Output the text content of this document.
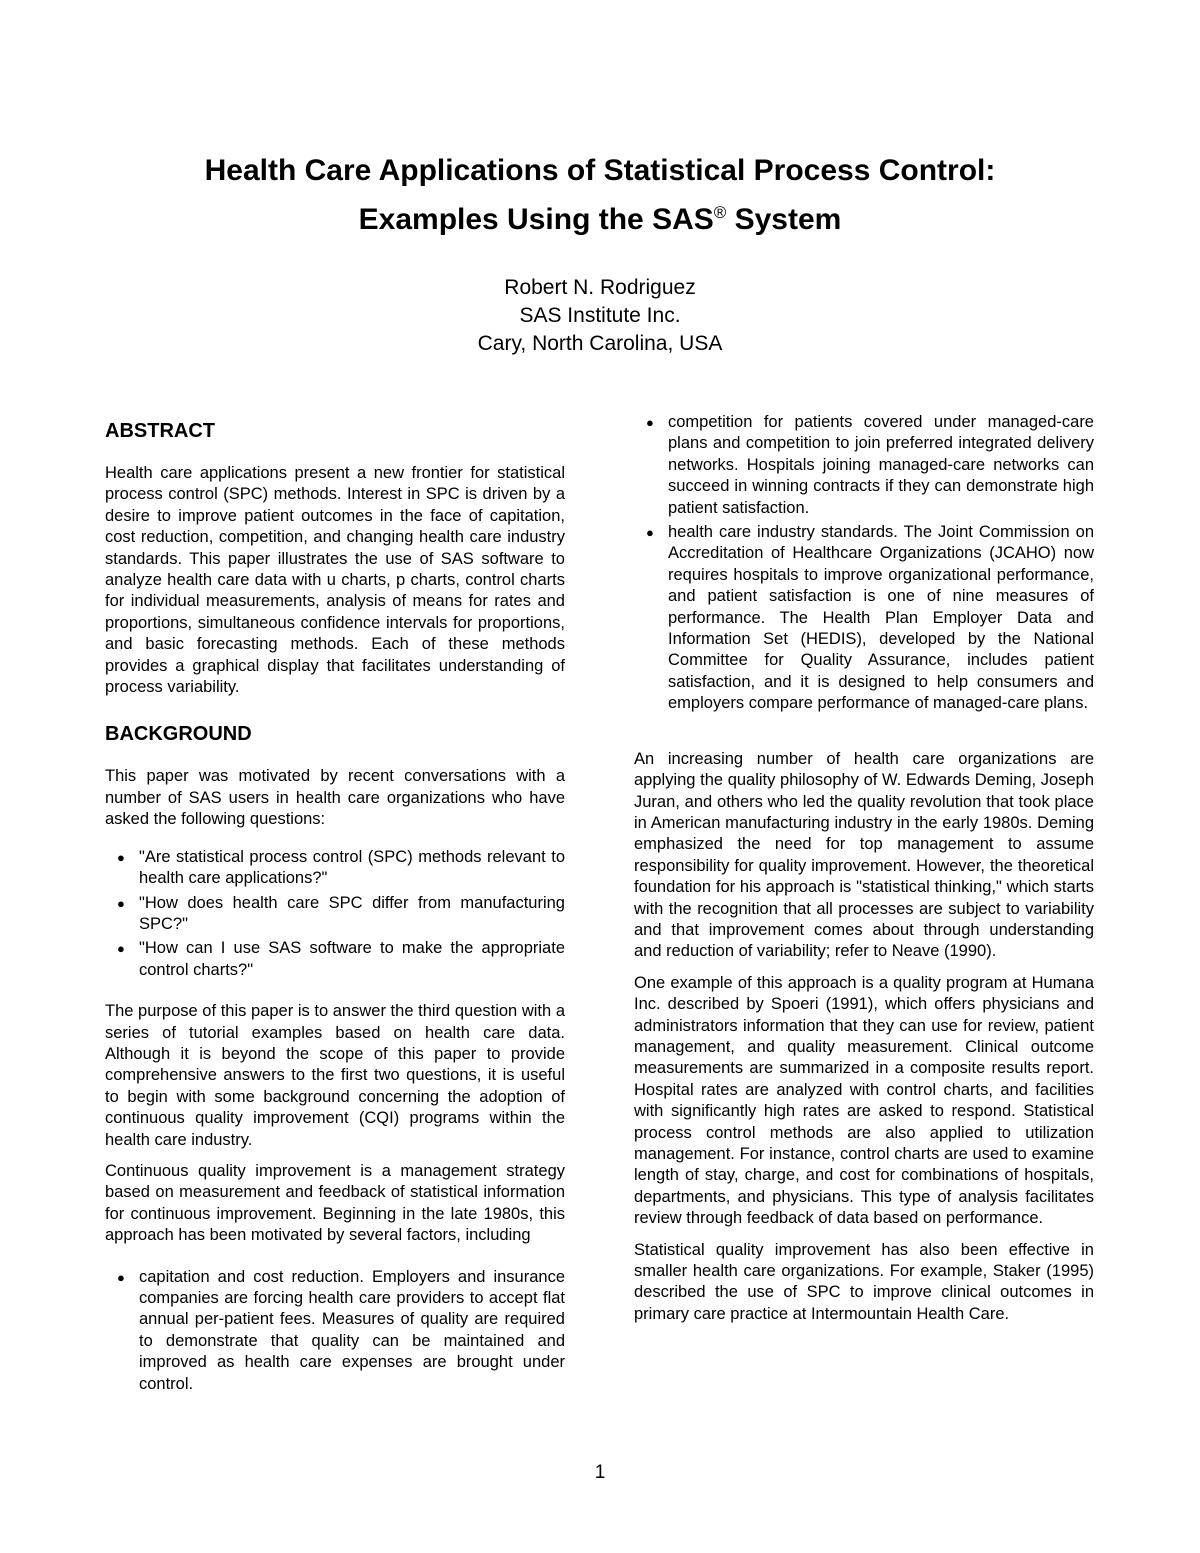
Health Care Applications of Statistical Process Control:
Examples Using the SAS® System
Robert N. Rodriguez
SAS Institute Inc.
Cary, North Carolina, USA
ABSTRACT

Health care applications present a new frontier for statistical process control (SPC) methods. Interest in SPC is driven by a desire to improve patient outcomes in the face of capitation, cost reduction, competition, and changing health care industry standards. This paper illustrates the use of SAS software to analyze health care data with u charts, p charts, control charts for individual measurements, analysis of means for rates and proportions, simultaneous confidence intervals for proportions, and basic forecasting methods. Each of these methods provides a graphical display that facilitates understanding of process variability.

BACKGROUND

This paper was motivated by recent conversations with a number of SAS users in health care organizations who have asked the following questions:

● "Are statistical process control (SPC) methods relevant to health care applications?"
● "How does health care SPC differ from manufacturing SPC?"
● "How can I use SAS software to make the appropriate control charts?"

The purpose of this paper is to answer the third question with a series of tutorial examples based on health care data. Although it is beyond the scope of this paper to provide comprehensive answers to the first two questions, it is useful to begin with some background concerning the adoption of continuous quality improvement (CQI) programs within the health care industry.

Continuous quality improvement is a management strategy based on measurement and feedback of statistical information for continuous improvement. Beginning in the late 1980s, this approach has been motivated by several factors, including

● capitation and cost reduction. Employers and insurance companies are forcing health care providers to accept flat annual per-patient fees. Measures of quality are required to demonstrate that quality can be maintained and improved as health care expenses are brought under control.
● competition for patients covered under managed-care plans and competition to join preferred integrated delivery networks. Hospitals joining managed-care networks can succeed in winning contracts if they can demonstrate high patient satisfaction.
● health care industry standards. The Joint Commission on Accreditation of Healthcare Organizations (JCAHO) now requires hospitals to improve organizational performance, and patient satisfaction is one of nine measures of performance. The Health Plan Employer Data and Information Set (HEDIS), developed by the National Committee for Quality Assurance, includes patient satisfaction, and it is designed to help consumers and employers compare performance of managed-care plans.

An increasing number of health care organizations are applying the quality philosophy of W. Edwards Deming, Joseph Juran, and others who led the quality revolution that took place in American manufacturing industry in the early 1980s. Deming emphasized the need for top management to assume responsibility for quality improvement. However, the theoretical foundation for his approach is "statistical thinking," which starts with the recognition that all processes are subject to variability and that improvement comes about through understanding and reduction of variability; refer to Neave (1990).

One example of this approach is a quality program at Humana Inc. described by Spoeri (1991), which offers physicians and administrators information that they can use for review, patient management, and quality measurement. Clinical outcome measurements are summarized in a composite results report. Hospital rates are analyzed with control charts, and facilities with significantly high rates are asked to respond. Statistical process control methods are also applied to utilization management. For instance, control charts are used to examine length of stay, charge, and cost for combinations of hospitals, departments, and physicians. This type of analysis facilitates review through feedback of data based on performance.

Statistical quality improvement has also been effective in smaller health care organizations. For example, Staker (1995) described the use of SPC to improve clinical outcomes in primary care practice at Intermountain Health Care.

1
